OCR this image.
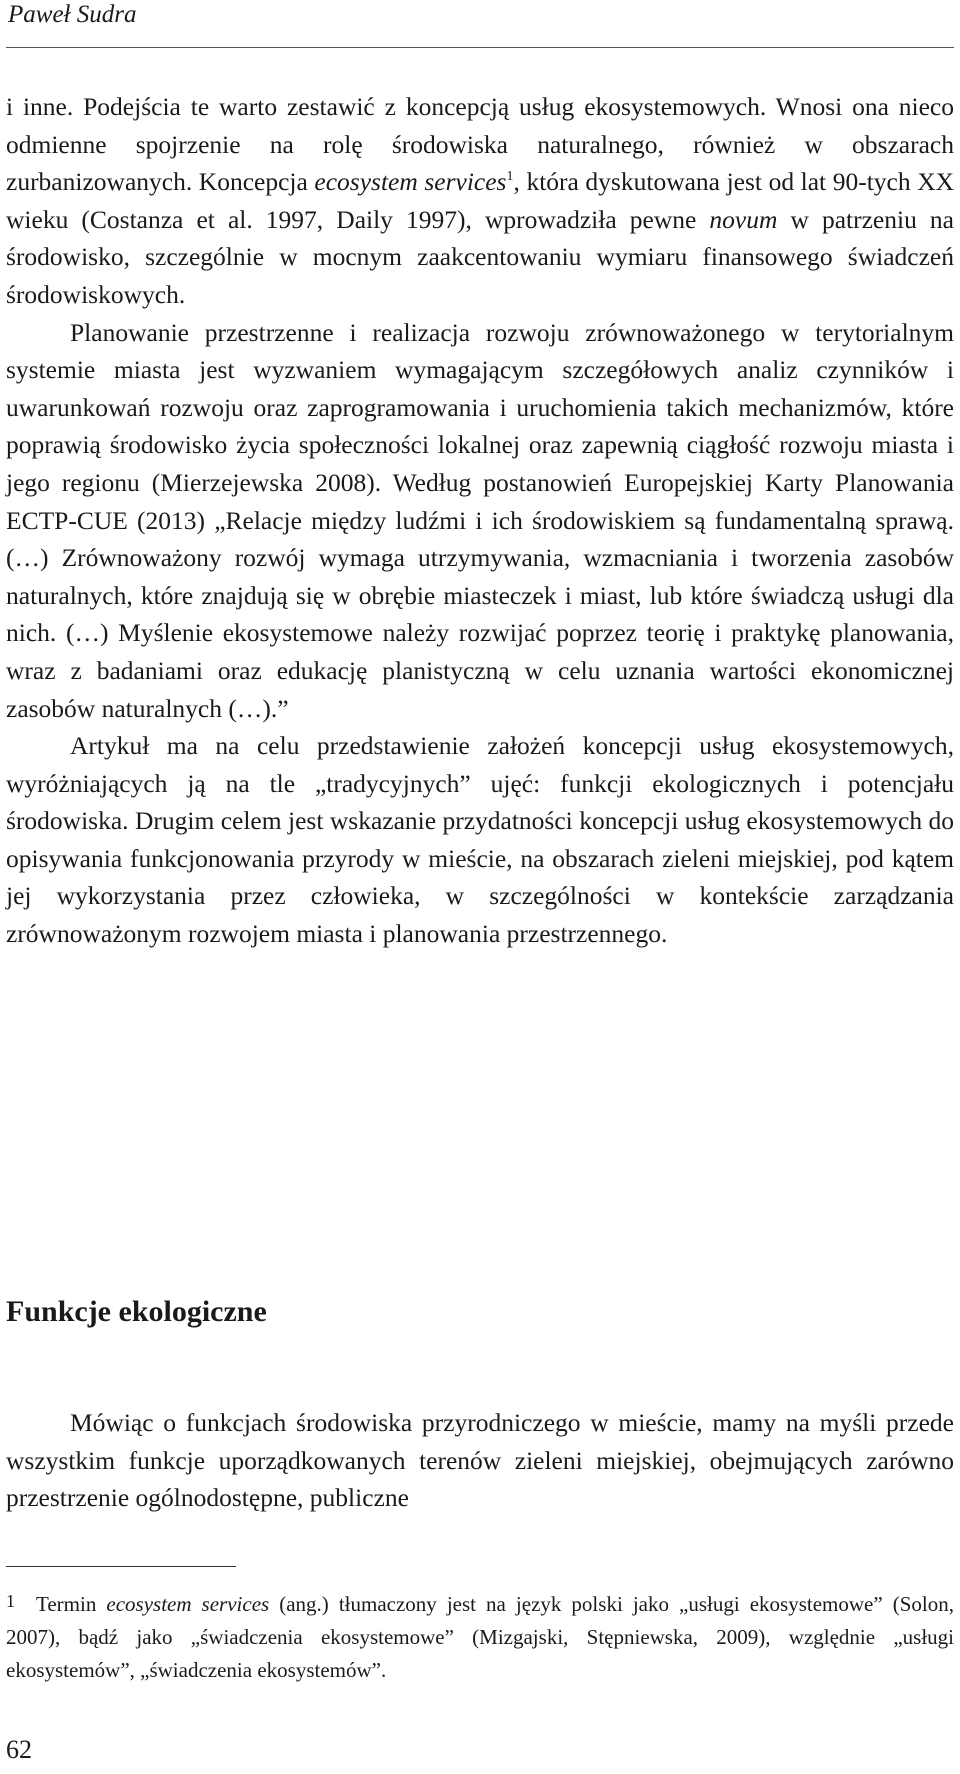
Paweł Sudra

i inne. Podejścia te warto zestawić z koncepcją usług ekosystemowych. Wnosi ona nieco odmienne spojrzenie na rolę środowiska naturalnego, również w obszarach zurbanizowanych. Koncepcja ecosystem services$^1$, która dyskutowana jest od lat 90-tych XX wieku (Costanza et al. 1997, Daily 1997), wprowadziła pewne novum w patrzeniu na środowisko, szczególnie w mocnym zaakcentowaniu wymiaru finansowego świadczeń środowiskowych.

Planowanie przestrzenne i realizacja rozwoju zrównoważonego w terytorialnym systemie miasta jest wyzwaniem wymagającym szczegółowych analiz czynników i uwarunkowań rozwoju oraz zaprogramowania i uruchomienia takich mechanizmów, które poprawią środowisko życia społeczności lokalnej oraz zapewnią ciągłość rozwoju miasta i jego regionu (Mierzejewska 2008). Według postanowień Europejskiej Karty Planowania ECTP-CUE (2013) „Relacje między ludźmi i ich środowiskiem są fundamentalną sprawą. (…) Zrównoważony rozwój wymaga utrzymywania, wzmacniania i tworzenia zasobów naturalnych, które znajdują się w obrębie miasteczek i miast, lub które świadczą usługi dla nich. (…) Myślenie ekosystemowe należy rozwijać poprzez teorię i praktykę planowania, wraz z badaniami oraz edukację planistyczną w celu uznania wartości ekonomicznej zasobów naturalnych (…).”

Artykuł ma na celu przedstawienie założeń koncepcji usług ekosystemowych, wyróżniających ją na tle „tradycyjnych” ujęć: funkcji ekologicznych i potencjału środowiska. Drugim celem jest wskazanie przydatności koncepcji usług ekosystemowych do opisywania funkcjonowania przyrody w mieście, na obszarach zieleni miejskiej, pod kątem jej wykorzystania przez człowieka, w szczególności w kontekście zarządzania zrównoważonym rozwojem miasta i planowania przestrzennego.

Funkcje ekologiczne

Mówiąc o funkcjach środowiska przyrodniczego w mieście, mamy na myśli przede wszystkim funkcje uporządkowanych terenów zieleni miejskiej, obejmujących zarówno przestrzenie ogólnodostępne, publiczne

1 Termin ecosystem services (ang.) tłumaczony jest na język polski jako „usługi ekosystemowe” (Solon, 2007), bądź jako „świadczenia ekosystemowe” (Mizgajski, Stępniewska, 2009), względnie „usługi ekosystemów”, „świadczenia ekosystemów”.

62
